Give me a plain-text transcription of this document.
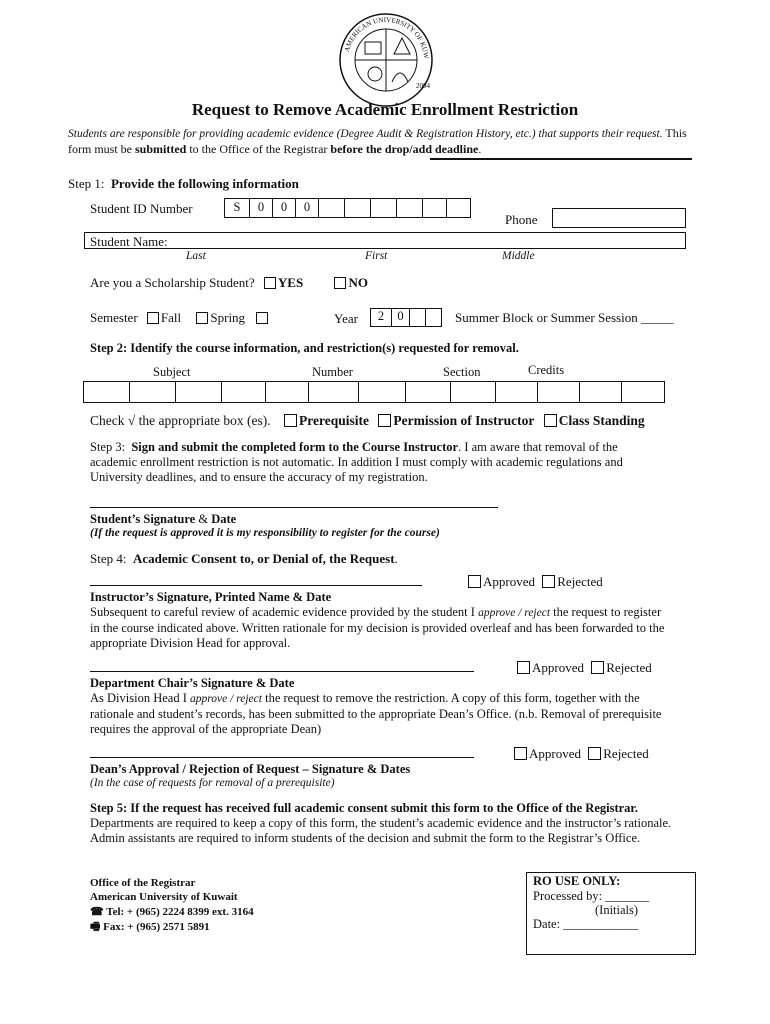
AMERICAN UNIVERSITY OF KUW
2004
Request to Remove Academic Enrollment Restriction
Students are responsible for providing academic evidence (Degree Audit & Registration History, etc.) that supports their request. This form must be submitted to the Office of the Registrar before the drop/add deadline.
Step 1: Provide the following information
Student ID Number	S	0	0	0
Phone
Student Name:
Last	First	Middle
Are you a Scholarship Student? YES	NO
Semester Fall Spring	Year	2	0	Summer Block or Summer Session _____
Step 2: Identify the course information, and restriction(s) requested for removal.
Subject	Number	Section	Credits
Check √ the appropriate box (es). Prerequisite Permission of Instructor Class Standing
Step 3: Sign and submit the completed form to the Course Instructor. I am aware that removal of the academic enrollment restriction is not automatic. In addition I must comply with academic regulations and University deadlines, and to ensure the accuracy of my registration.
Student’s Signature & Date
(If the request is approved it is my responsibility to register for the course)
Step 4: Academic Consent to, or Denial of, the Request.
Approved Rejected
Instructor’s Signature, Printed Name & Date
Subsequent to careful review of academic evidence provided by the student I approve / reject the request to register in the course indicated above. Written rationale for my decision is provided overleaf and has been forwarded to the appropriate Division Head for approval.
Approved Rejected
Department Chair’s Signature & Date
As Division Head I approve / reject the request to remove the restriction. A copy of this form, together with the rationale and student’s records, has been submitted to the appropriate Dean’s Office. (n.b. Removal of prerequisite requires the approval of the appropriate Dean)
Approved Rejected
Dean’s Approval / Rejection of Request – Signature & Dates
(In the case of requests for removal of a prerequisite)
Step 5: If the request has received full academic consent submit this form to the Office of the Registrar.
Departments are required to keep a copy of this form, the student’s academic evidence and the instructor’s rationale. Admin assistants are required to inform students of the decision and submit the form to the Registrar’s Office.
Office of the Registrar
American University of Kuwait
☎ Tel: + (965) 2224 8399 ext. 3164
🖷 Fax: + (965) 2571 5891
RO USE ONLY:
Processed by: _______
(Initials)
Date: ____________
